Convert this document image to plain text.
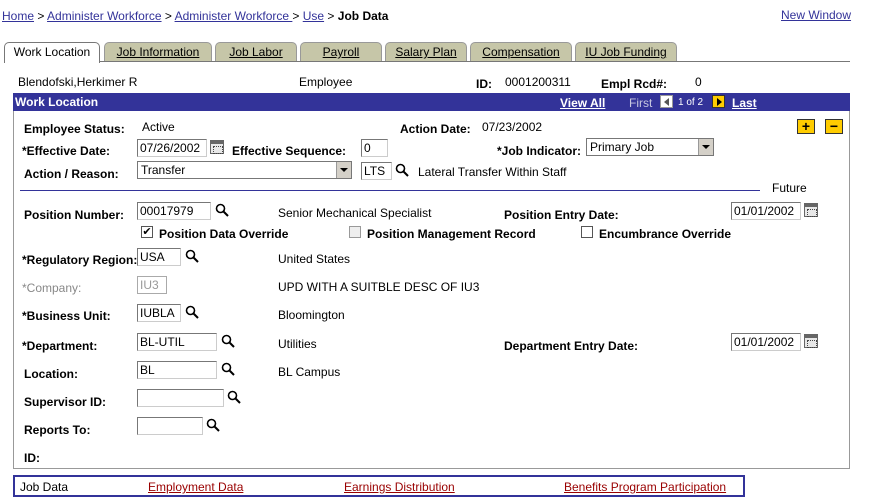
Home > Administer Workforce > Administer Workforce > Use > Job Data	New Window
Work Location	Job Information	Job Labor	Payroll	Salary Plan	Compensation	IU Job Funding
Blendofski,Herkimer R	Employee	ID: 0001200311	Empl Rcd#: 0
Work Location	View All First	1 of 2 Last
Employee Status: Active	Action Date: 07/23/2002	+	−
*Effective Date: 07/26/2002	Effective Sequence: 0	*Job Indicator: Primary Job
Action / Reason:	Transfer	LTS	Lateral Transfer Within Staff
Future
Position Number: 00017979	Senior Mechanical Specialist	Position Entry Date:	01/01/2002
✔ Position Data Override	Position Management Record	Encumbrance Override
*Regulatory Region: USA	United States
*Company:	IU3	UPD WITH A SUITBLE DESC OF IU3
*Business Unit: IUBLA	Bloomington
*Department:	BL-UTIL	Utilities	Department Entry Date:	01/01/2002
Location:	BL	BL Campus
Supervisor ID:
Reports To:
ID:
Job Data	Employment Data	Earnings Distribution	Benefits Program Participation
